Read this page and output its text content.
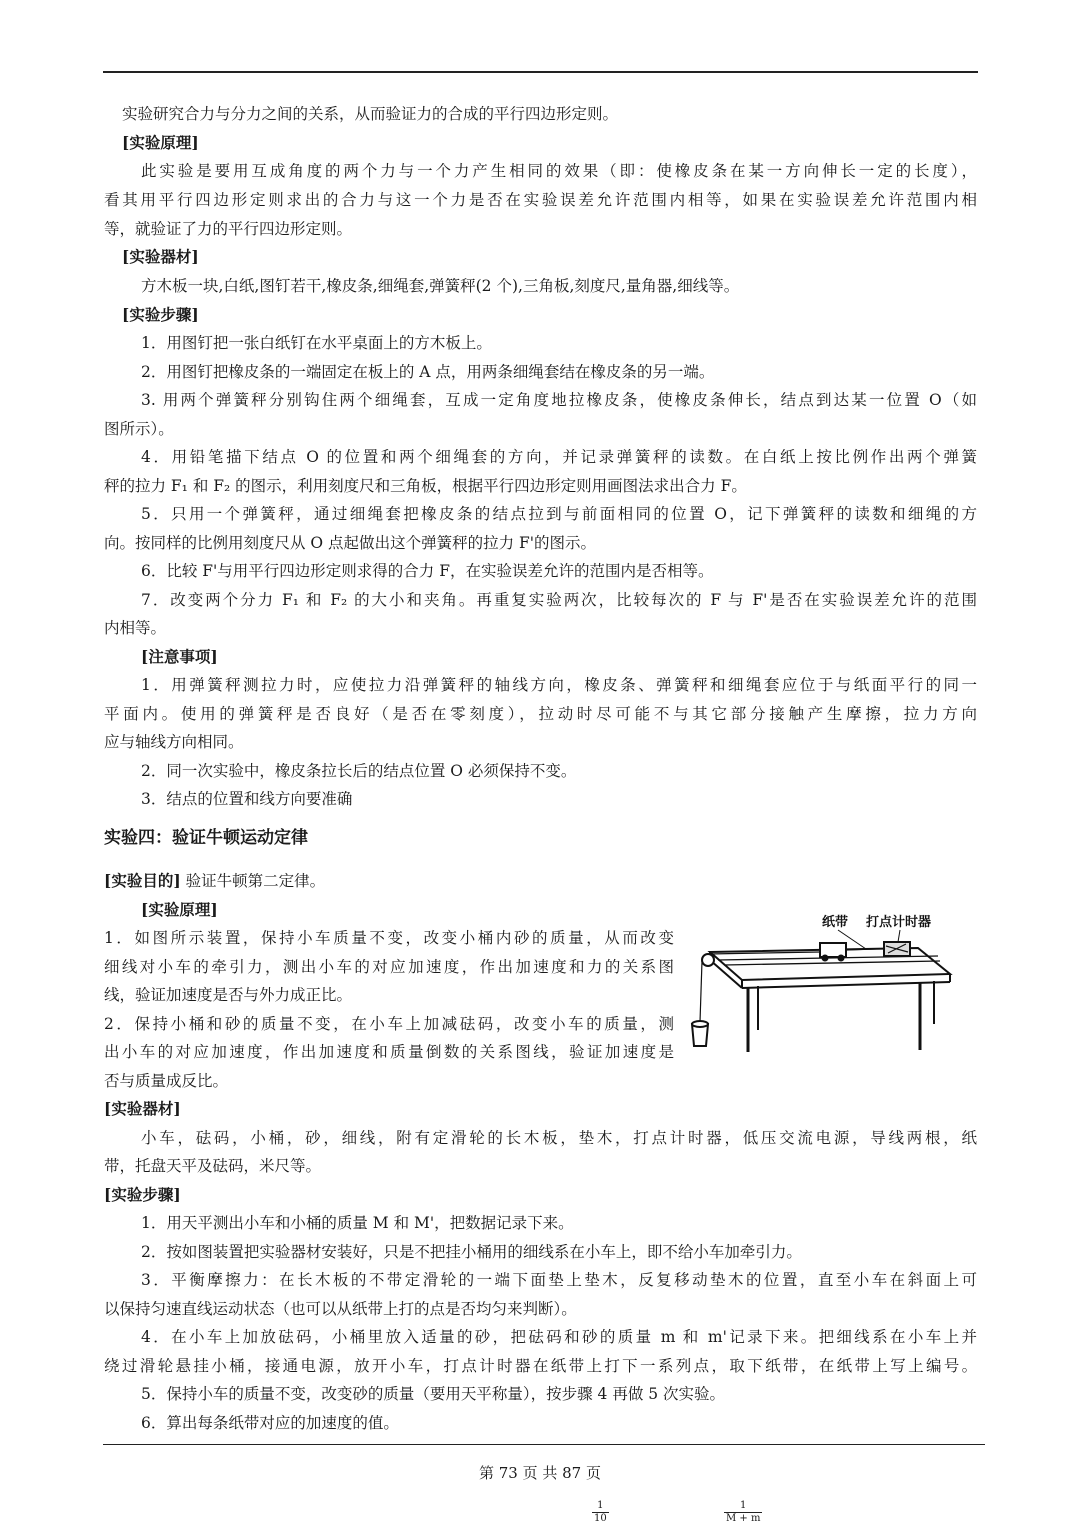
实验研究合力与分力之间的关系，从而验证力的合成的平行四边形定则。
[实验原理]
此实验是要用互成角度的两个力与一个力产生相同的效果（即：使橡皮条在某一方向伸长一定的长度），
看其用平行四边形定则求出的合力与这一个力是否在实验误差允许范围内相等，如果在实验误差允许范围内相
等，就验证了力的平行四边形定则。
[实验器材]
方木板一块,白纸,图钉若干,橡皮条,细绳套,弹簧秤(2 个),三角板,刻度尺,量角器,细线等。
[实验步骤]
1．用图钉把一张白纸钉在水平桌面上的方木板上。
2．用图钉把橡皮条的一端固定在板上的 A 点，用两条细绳套结在橡皮条的另一端。
3. 用两个弹簧秤分别钩住两个细绳套，互成一定角度地拉橡皮条，使橡皮条伸长，结点到达某一位置 O（如
图所示）。
4．用铅笔描下结点 O 的位置和两个细绳套的方向，并记录弹簧秤的读数。在白纸上按比例作出两个弹簧
秤的拉力 F₁ 和 F₂ 的图示，利用刻度尺和三角板，根据平行四边形定则用画图法求出合力 F。
5．只用一个弹簧秤，通过细绳套把橡皮条的结点拉到与前面相同的位置 O，记下弹簧秤的读数和细绳的方
向。按同样的比例用刻度尺从 O 点起做出这个弹簧秤的拉力 F'的图示。
6．比较 F'与用平行四边形定则求得的合力 F，在实验误差允许的范围内是否相等。
7．改变两个分力 F₁ 和 F₂ 的大小和夹角。再重复实验两次，比较每次的 F 与 F'是否在实验误差允许的范围
内相等。
[注意事项]
1．用弹簧秤测拉力时，应使拉力沿弹簧秤的轴线方向，橡皮条、弹簧秤和细绳套应位于与纸面平行的同一
平面内。使用的弹簧秤是否良好（是否在零刻度），拉动时尽可能不与其它部分接触产生摩擦，拉力方向
应与轴线方向相同。
2．同一次实验中，橡皮条拉长后的结点位置 O 必须保持不变。
3．结点的位置和线方向要准确
实验四：验证牛顿运动定律
[实验目的] 验证牛顿第二定律。
[实验原理]
1．如图所示装置，保持小车质量不变，改变小桶内砂的质量，从而改变
细线对小车的牵引力，测出小车的对应加速度，作出加速度和力的关系图
线，验证加速度是否与外力成正比。
2．保持小桶和砂的质量不变，在小车上加减砝码，改变小车的质量，测
出小车的对应加速度，作出加速度和质量倒数的关系图线，验证加速度是
否与质量成反比。
[实验器材]
小车，砝码，小桶，砂，细线，附有定滑轮的长木板，垫木，打点计时器，低压交流电源，导线两根，纸
带，托盘天平及砝码，米尺等。
[实验步骤]
1．用天平测出小车和小桶的质量 M 和 M'，把数据记录下来。
2．按如图装置把实验器材安装好，只是不把挂小桶用的细线系在小车上，即不给小车加牵引力。
3．平衡摩擦力：在长木板的不带定滑轮的一端下面垫上垫木，反复移动垫木的位置，直至小车在斜面上可
以保持匀速直线运动状态（也可以从纸带上打的点是否均匀来判断）。
4．在小车上加放砝码，小桶里放入适量的砂，把砝码和砂的质量 m 和 m'记录下来。把细线系在小车上并
绕过滑轮悬挂小桶，接通电源，放开小车，打点计时器在纸带上打下一系列点，取下纸带，在纸带上写上编号。
5．保持小车的质量不变，改变砂的质量（要用天平称量），按步骤 4 再做 5 次实验。
6．算出每条纸带对应的加速度的值。
纸带 打点计时器
第 73 页 共 87 页
$\frac{1}{10}$	$\frac{1}{M + m}$
